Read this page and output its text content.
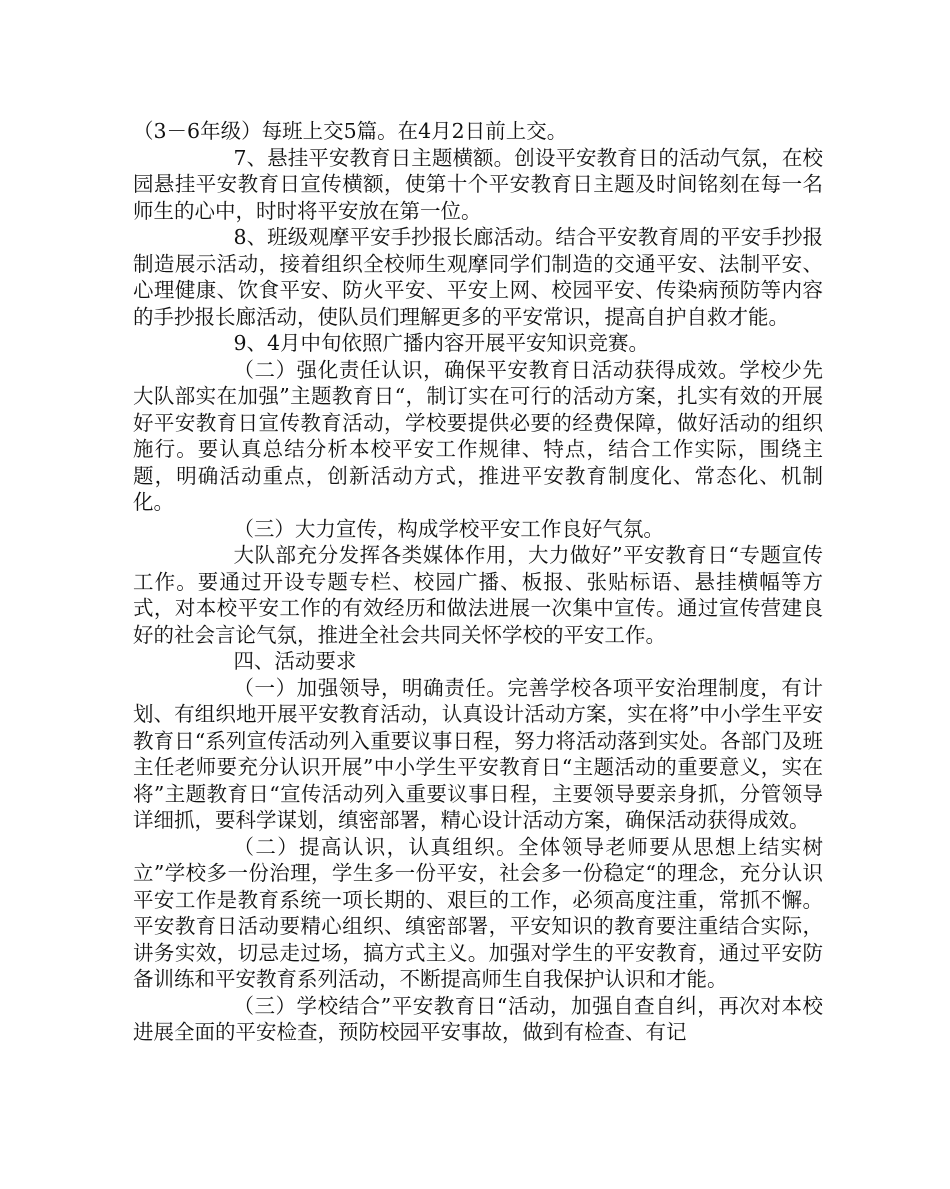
（3－6年级）每班上交5篇。在4月2日前上交。

7、悬挂平安教育日主题横额。创设平安教育日的活动气氛，在校园悬挂平安教育日宣传横额，使第十个平安教育日主题及时间铭刻在每一名师生的心中，时时将平安放在第一位。

8、班级观摩平安手抄报长廊活动。结合平安教育周的平安手抄报制造展示活动，接着组织全校师生观摩同学们制造的交通平安、法制平安、心理健康、饮食平安、防火平安、平安上网、校园平安、传染病预防等内容的手抄报长廊活动，使队员们理解更多的平安常识，提高自护自救才能。

9、4月中旬依照广播内容开展平安知识竞赛。

（二）强化责任认识，确保平安教育日活动获得成效。学校少先大队部实在加强”主题教育日“，制订实在可行的活动方案，扎实有效的开展好平安教育日宣传教育活动，学校要提供必要的经费保障，做好活动的组织施行。要认真总结分析本校平安工作规律、特点，结合工作实际，围绕主题，明确活动重点，创新活动方式，推进平安教育制度化、常态化、机制化。

（三）大力宣传，构成学校平安工作良好气氛。

大队部充分发挥各类媒体作用，大力做好”平安教育日“专题宣传工作。要通过开设专题专栏、校园广播、板报、张贴标语、悬挂横幅等方式，对本校平安工作的有效经历和做法进展一次集中宣传。通过宣传营建良好的社会言论气氛，推进全社会共同关怀学校的平安工作。

四、活动要求

（一）加强领导，明确责任。完善学校各项平安治理制度，有计划、有组织地开展平安教育活动，认真设计活动方案，实在将”中小学生平安教育日“系列宣传活动列入重要议事日程，努力将活动落到实处。各部门及班主任老师要充分认识开展”中小学生平安教育日“主题活动的重要意义，实在将”主题教育日“宣传活动列入重要议事日程，主要领导要亲身抓，分管领导详细抓，要科学谋划，缜密部署，精心设计活动方案，确保活动获得成效。

（二）提高认识，认真组织。全体领导老师要从思想上结实树立”学校多一份治理，学生多一份平安，社会多一份稳定“的理念，充分认识平安工作是教育系统一项长期的、艰巨的工作，必须高度注重，常抓不懈。平安教育日活动要精心组织、缜密部署，平安知识的教育要注重结合实际，讲务实效，切忌走过场，搞方式主义。加强对学生的平安教育，通过平安防备训练和平安教育系列活动，不断提高师生自我保护认识和才能。

（三）学校结合”平安教育日“活动，加强自查自纠，再次对本校进展全面的平安检查，预防校园平安事故，做到有检查、有记
